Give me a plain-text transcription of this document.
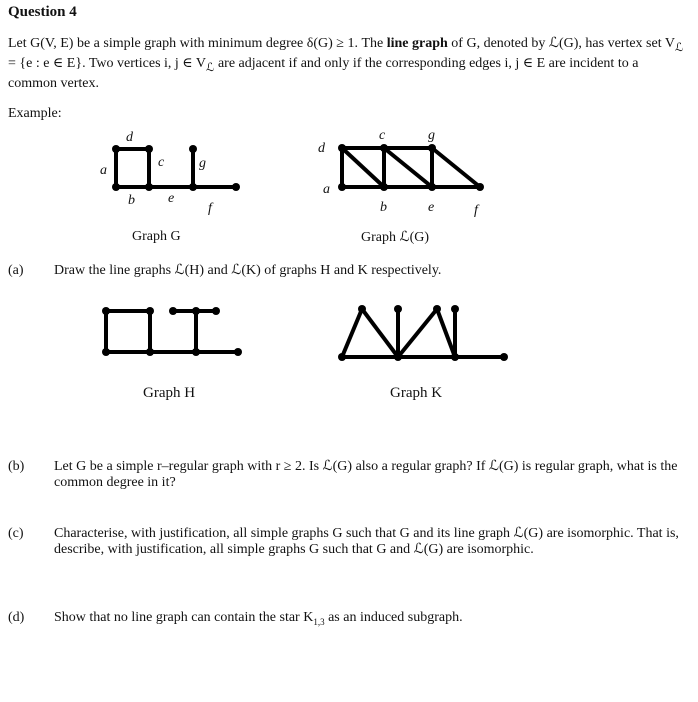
Question 4
Let G(V, E) be a simple graph with minimum degree δ(G) ≥ 1. The line graph of G, denoted by ℒ(G), has vertex set $V_ℒ = \{e$ : e ∈ E}. Two vertices i, j ∈ $V_ℒ$ are adjacent if and only if the corresponding edges i, j ∈ E are incident to a common vertex.
Example:
d
a
c g
b e
f
d
a
c	g
b	e	f
Graph G	Graph ℒ(G)
(a) Draw the line graphs ℒ(H) and ℒ(K) of graphs H and K respectively.
Graph H	Graph K
(b) Let G be a simple r–regular graph with r ≥ 2. Is ℒ(G) also a regular graph? If ℒ(G) is regular graph, what is the common degree in it?
(c) Characterise, with justification, all simple graphs G such that G and its line graph ℒ(G) are isomorphic. That is, describe, with justification, all simple graphs G such that G and ℒ(G) are isomorphic.
(d) Show that no line graph can contain the star $K_{1,3}$ as an induced subgraph.
